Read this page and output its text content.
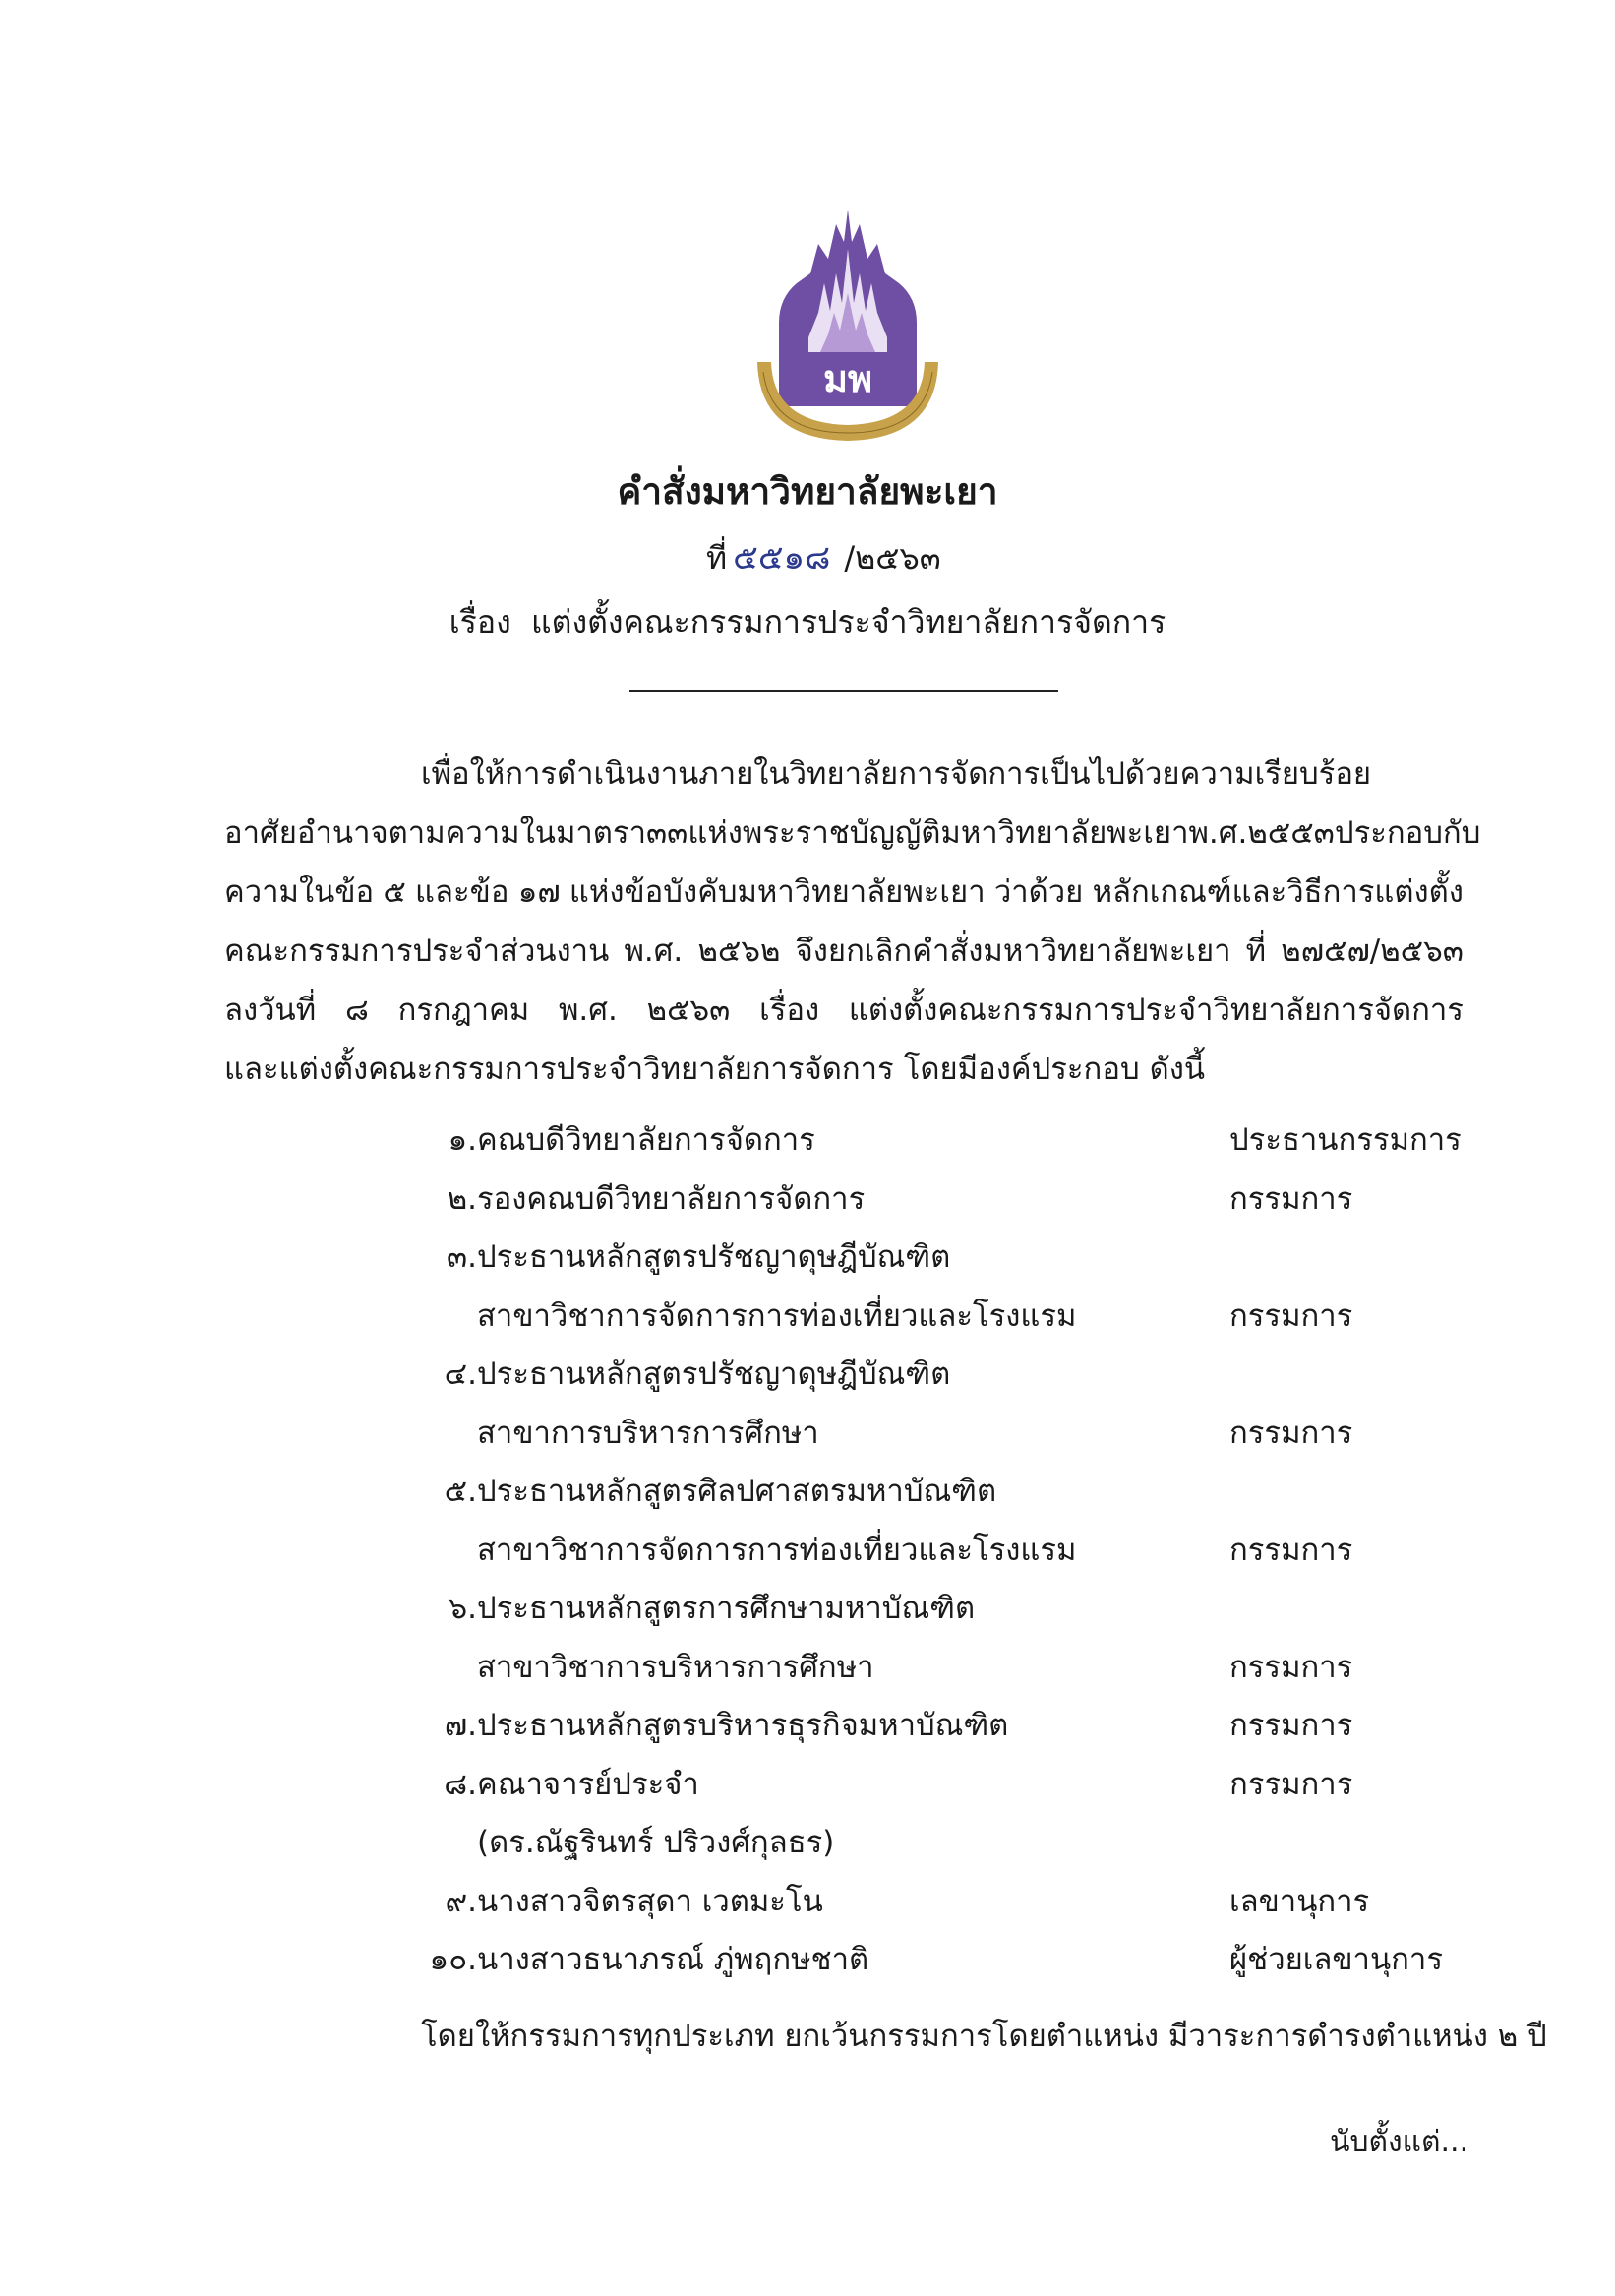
มพ
คำสั่งมหาวิทยาลัยพะเยา
ที่ ๕๕๑๘ /๒๕๖๓
เรื่อง แต่งตั้งคณะกรรมการประจำวิทยาลัยการจัดการ
เพื่อให้การดำเนินงานภายในวิทยาลัยการจัดการเป็นไปด้วยความเรียบร้อย
อาศัยอำนาจตามความในมาตรา ๓๓ แห่งพระราชบัญญัติมหาวิทยาลัยพะเยา พ.ศ. ๒๕๕๓ ประกอบกับ
ความในข้อ ๕ และข้อ ๑๗ แห่งข้อบังคับมหาวิทยาลัยพะเยา ว่าด้วย หลักเกณฑ์และวิธีการแต่งตั้ง
คณะกรรมการประจำส่วนงาน พ.ศ. ๒๕๖๒ จึงยกเลิกคำสั่งมหาวิทยาลัยพะเยา ที่ ๒๗๕๗/๒๕๖๓
ลงวันที่ ๘ กรกฎาคม พ.ศ. ๒๕๖๓ เรื่อง แต่งตั้งคณะกรรมการประจำวิทยาลัยการจัดการ
และแต่งตั้งคณะกรรมการประจำวิทยาลัยการจัดการ โดยมีองค์ประกอบ ดังนี้
๑. คณบดีวิทยาลัยการจัดการ	ประธานกรรมการ
๒. รองคณบดีวิทยาลัยการจัดการ	กรรมการ
๓. ประธานหลักสูตรปรัชญาดุษฎีบัณฑิต
สาขาวิชาการจัดการการท่องเที่ยวและโรงแรม	กรรมการ
๔. ประธานหลักสูตรปรัชญาดุษฎีบัณฑิต
สาขาการบริหารการศึกษา	กรรมการ
๕. ประธานหลักสูตรศิลปศาสตรมหาบัณฑิต
สาขาวิชาการจัดการการท่องเที่ยวและโรงแรม	กรรมการ
๖. ประธานหลักสูตรการศึกษามหาบัณฑิต
สาขาวิชาการบริหารการศึกษา	กรรมการ
๗. ประธานหลักสูตรบริหารธุรกิจมหาบัณฑิต	กรรมการ
๘. คณาจารย์ประจำ	กรรมการ
(ดร.ณัฐรินทร์ ปริวงศ์กุลธร)
๙. นางสาวจิตรสุดา เวตมะโน	เลขานุการ
๑๐. นางสาวธนาภรณ์ ภู่พฤกษชาติ	ผู้ช่วยเลขานุการ
โดยให้กรรมการทุกประเภท ยกเว้นกรรมการโดยตำแหน่ง มีวาระการดำรงตำแหน่ง ๒ ปี
นับตั้งแต่...
